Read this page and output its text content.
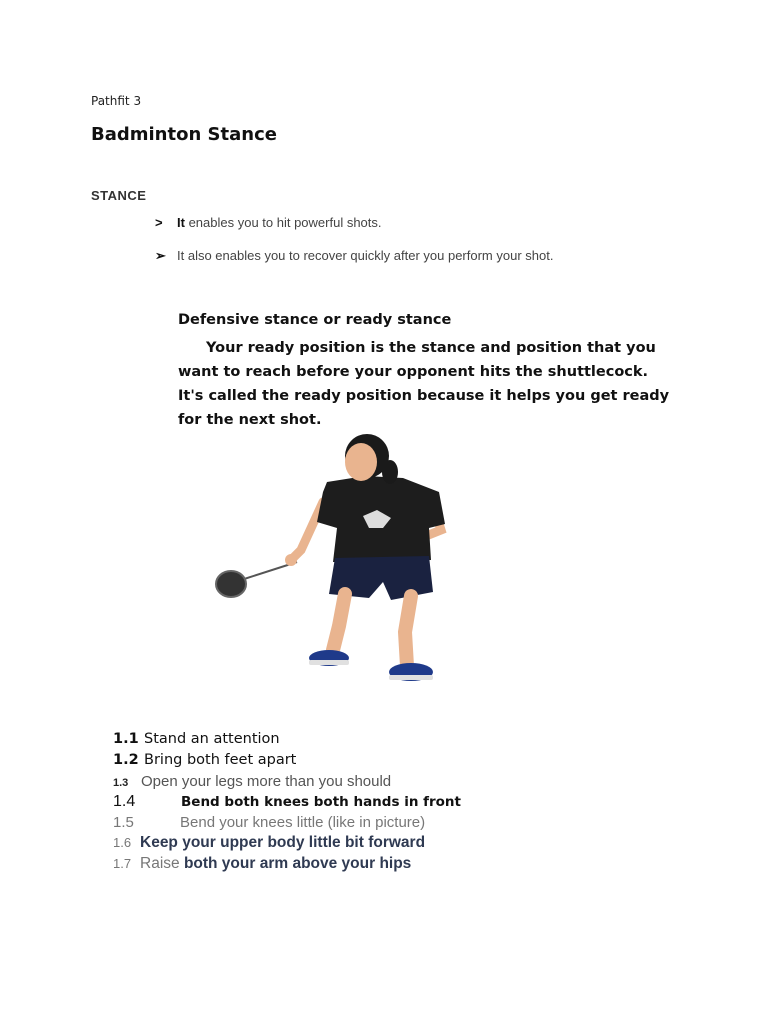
Pathfit 3
Badminton Stance
STANCE
> It enables you to hit powerful shots.
➢ It also enables you to recover quickly after you perform your shot.
Defensive stance or ready stance
Your ready position is the stance and position that you want to reach before your opponent hits the shuttlecock. It's called the ready position because it helps you get ready for the next shot.
1.1 Stand an attention
1.2 Bring both feet apart
1.3 Open your legs more than you should
1.4	Bend both knees both hands in front
1.5	Bend your knees little (like in picture)
1.6 Keep your upper body little bit forward
1.7 Raise both your arm above your hips
